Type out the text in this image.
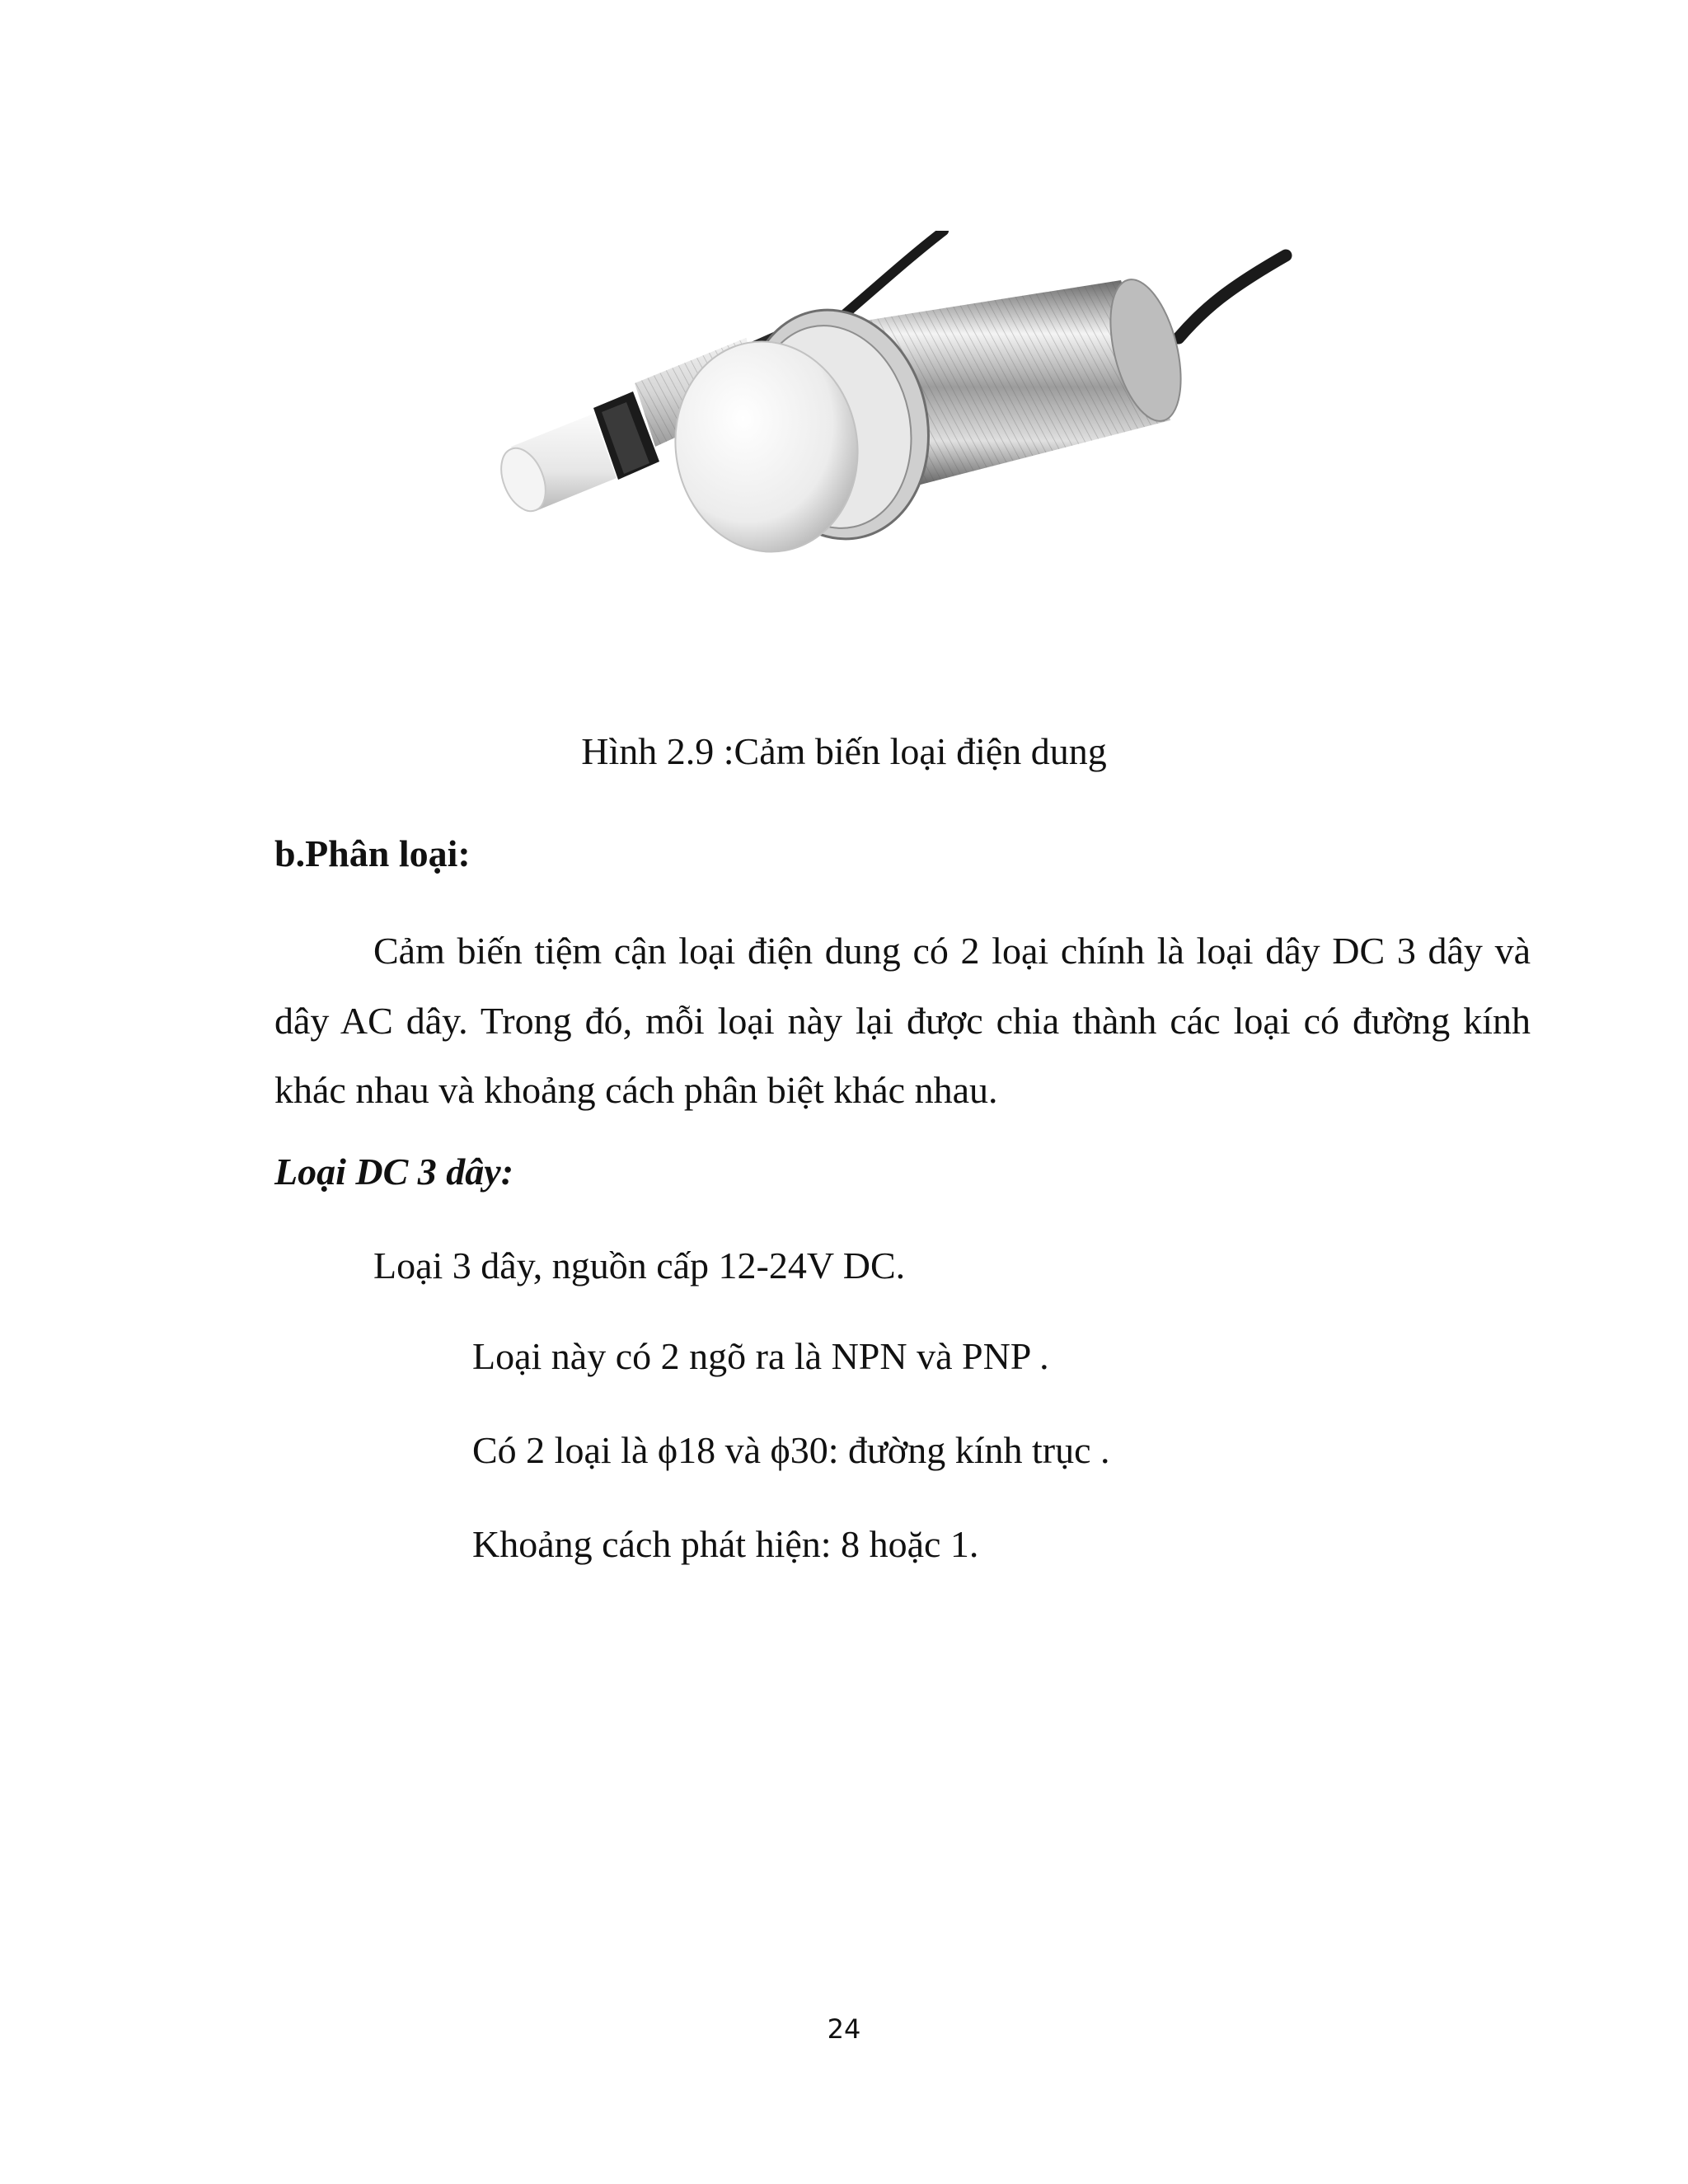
Hình 2.9 :Cảm biến loại điện dung
b.Phân loại:

Cảm biến tiệm cận loại điện dung có 2 loại chính là loại dây DC 3 dây và dây AC dây. Trong đó, mỗi loại này lại được chia thành các loại có đường kính khác nhau và khoảng cách phân biệt khác nhau.

Loại DC 3 dây:
Loại 3 dây, nguồn cấp 12-24V DC.
Loại này có 2 ngõ ra là NPN và PNP .
Có 2 loại là ϕ18 và ϕ30: đường kính trục .
Khoảng cách phát hiện: 8 hoặc 1.
24
